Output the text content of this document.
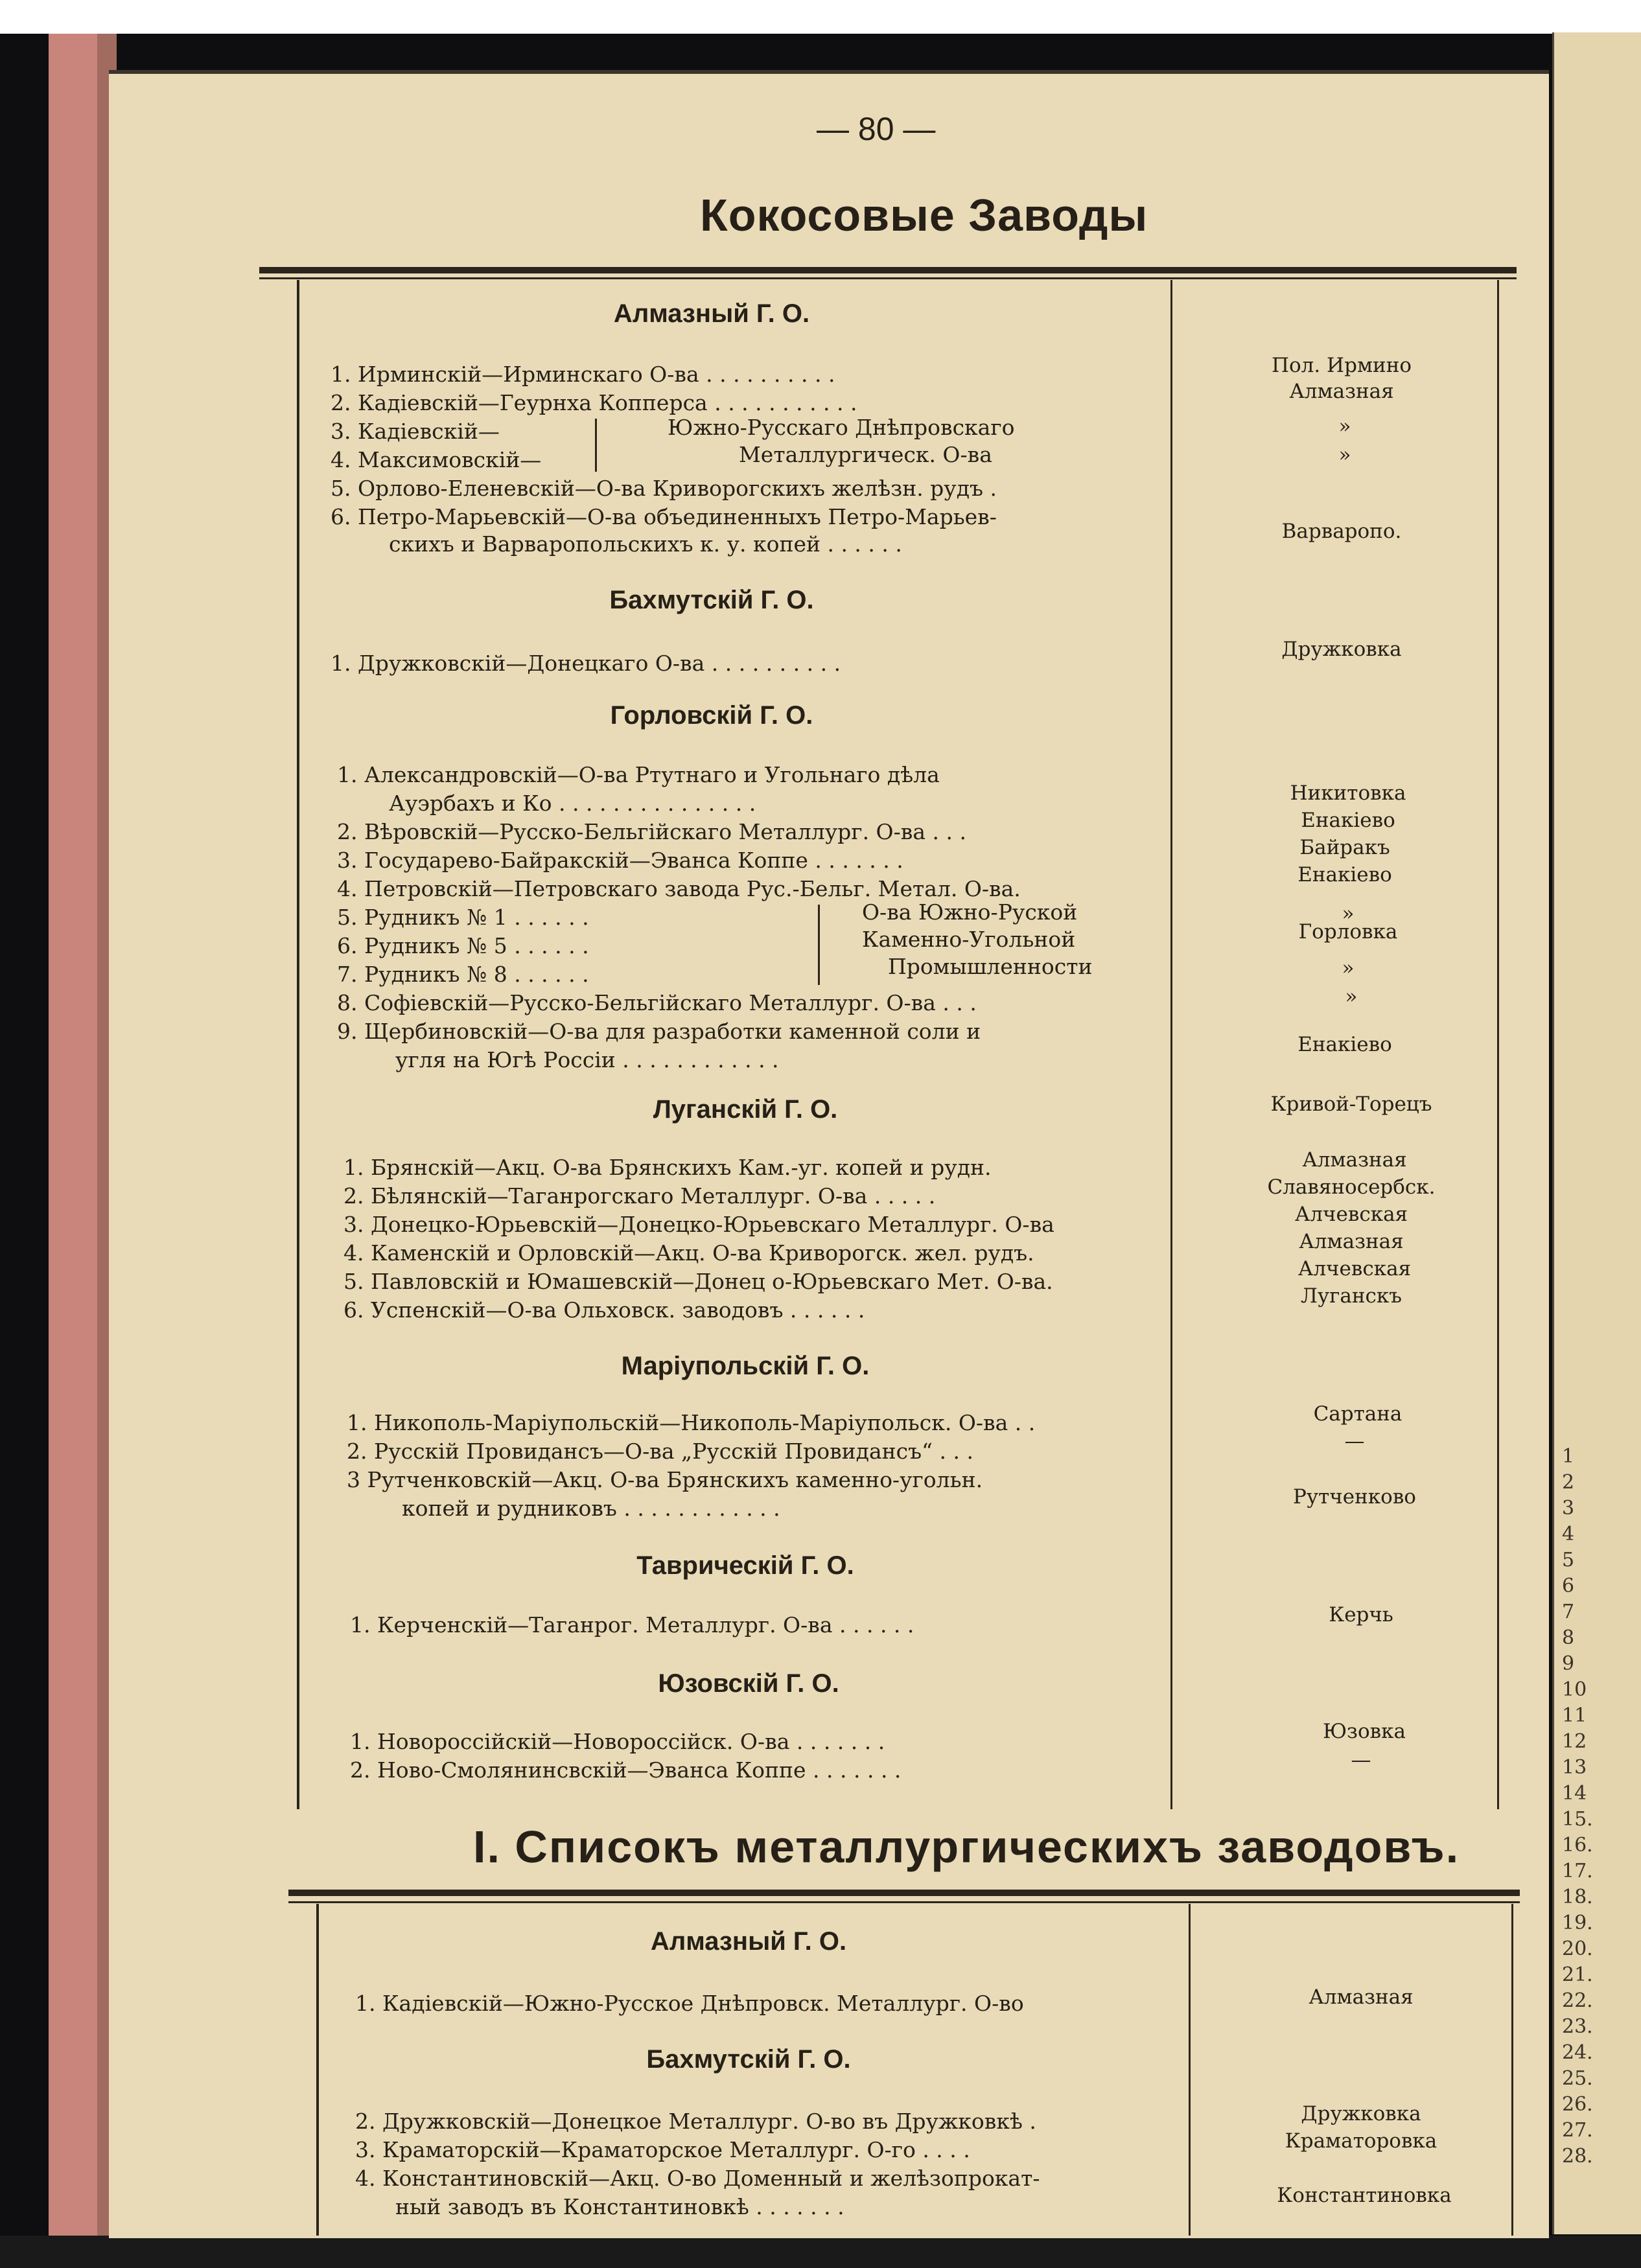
— 80 —
Кокосовые Заводы
Алмазный Г. О.
1. Ирминскій—Ирминскаго О-ва . . . . . . . . . .
2. Кадіевскій—Геурнха Копперса . . . . . . . . . . .
3. Кадіевскій—
4. Максимовскій—
Южно-Русскаго Днѣпровскаго
Металлургическ. О-ва
5. Орлово-Еленевскій—О-ва Криворогскихъ желѣзн. рудъ .
6. Петро-Марьевскій—О-ва объединенныхъ Петро-Марьев-
скихъ и Варваропольскихъ к. у. копей . . . . . .
Пол. Ирмино
Алмазная
»
»
Варваропо.
Бахмутскій Г. О.
1. Дружковскій—Донецкаго О-ва . . . . . . . . . .
Дружковка
Горловскій Г. О.
1. Александровскій—О-ва Ртутнаго и Угольнаго дѣла
Ауэрбахъ и Ко . . . . . . . . . . . . . . .
2. Вѣровскій—Русско-Бельгійскаго Металлург. О-ва . . .
3. Государево-Байракскій—Эванса Коппе . . . . . . .
4. Петровскій—Петровскаго завода Рус.-Бельг. Метал. О-ва.
5. Рудникъ № 1 . . . . . .
6. Рудникъ № 5 . . . . . .
7. Рудникъ № 8 . . . . . .
О-ва Южно-Руской
Каменно-Угольной
Промышленности
8. Софіевскій—Русско-Бельгійскаго Металлург. О-ва . . .
9. Щербиновскій—О-ва для разработки каменной соли и
угля на Югѣ Россіи . . . . . . . . . . . .
Никитовка
Енакіево
Байракъ
Енакіево
»
Горловка
»
»
Енакіево
Луганскій Г. О.
1. Брянскій—Акц. О-ва Брянскихъ Кам.-уг. копей и рудн.
2. Бѣлянскій—Таганрогскаго Металлург. О-ва . . . . .
3. Донецко-Юрьевскій—Донецко-Юрьевскаго Металлург. О-ва
4. Каменскій и Орловскій—Акц. О-ва Криворогск. жел. рудъ.
5. Павловскій и Юмашевскій—Донец о-Юрьевскаго Мет. О-ва.
6. Успенскій—О-ва Ольховск. заводовъ . . . . . .
Кривой-Торецъ
Алмазная
Славяносербск.
Алчевская
Алмазная
Алчевская
Луганскъ
Маріупольскій Г. О.
1. Никополь-Маріупольскій—Никополь-Маріупольск. О-ва . .
2. Русскій Провидансъ—О-ва „Русскій Провидансъ“ . . .
3 Рутченковскій—Акц. О-ва Брянскихъ каменно-угольн.
копей и рудниковъ . . . . . . . . . . . .
Сартана
—
Рутченково
Таврическій Г. О.
1. Керченскій—Таганрог. Металлург. О-ва . . . . . .	Керчь
Юзовскій Г. О.
1. Новороссійскій—Новороссійск. О-ва . . . . . . .
2. Ново-Смолянинсвскій—Эванса Коппе . . . . . . .
Юзовка
—
I. Списокъ металлургическихъ заводовъ.
Алмазный Г. О.
1. Кадіевскій—Южно-Русское Днѣпровск. Металлург. О-во	Алмазная
Бахмутскій Г. О.
2. Дружковскій—Донецкое Металлург. О-во въ Дружковкѣ .
3. Краматорскій—Краматорское Металлург. О-го . . . .
4. Константиновскій—Акц. О-во Доменный и желѣзопрокат-
ный заводъ въ Константиновкѣ . . . . . . .
Дружковка
Краматоровка
Константиновка
1
2
3
4
5
6
7
8
9
10
11
12
13
14
15.
16.
17.
18.
19.
20.
21.
22.
23.
24.
25.
26.
27.
28.
